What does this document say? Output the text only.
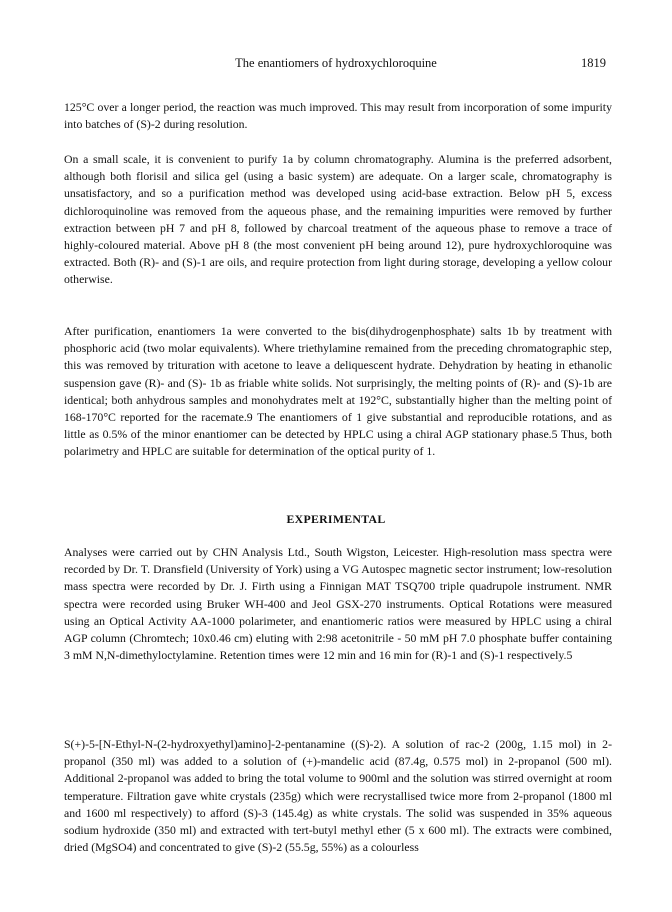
The enantiomers of hydroxychloroquine	1819

125°C over a longer period, the reaction was much improved. This may result from incorporation of some impurity into batches of (S)-2 during resolution.

On a small scale, it is convenient to purify 1a by column chromatography. Alumina is the preferred adsorbent, although both florisil and silica gel (using a basic system) are adequate. On a larger scale, chromatography is unsatisfactory, and so a purification method was developed using acid-base extraction. Below pH 5, excess dichloroquinoline was removed from the aqueous phase, and the remaining impurities were removed by further extraction between pH 7 and pH 8, followed by charcoal treatment of the aqueous phase to remove a trace of highly-coloured material. Above pH 8 (the most convenient pH being around 12), pure hydroxychloroquine was extracted. Both (R)- and (S)-1 are oils, and require protection from light during storage, developing a yellow colour otherwise.

After purification, enantiomers 1a were converted to the bis(dihydrogenphosphate) salts 1b by treatment with phosphoric acid (two molar equivalents). Where triethylamine remained from the preceding chromatographic step, this was removed by trituration with acetone to leave a deliquescent hydrate. Dehydration by heating in ethanolic suspension gave (R)- and (S)- 1b as friable white solids. Not surprisingly, the melting points of (R)- and (S)-1b are identical; both anhydrous samples and monohydrates melt at 192°C, substantially higher than the melting point of 168-170°C reported for the racemate.9 The enantiomers of 1 give substantial and reproducible rotations, and as little as 0.5% of the minor enantiomer can be detected by HPLC using a chiral AGP stationary phase.5 Thus, both polarimetry and HPLC are suitable for determination of the optical purity of 1.

EXPERIMENTAL

Analyses were carried out by CHN Analysis Ltd., South Wigston, Leicester. High-resolution mass spectra were recorded by Dr. T. Dransfield (University of York) using a VG Autospec magnetic sector instrument; low-resolution mass spectra were recorded by Dr. J. Firth using a Finnigan MAT TSQ700 triple quadrupole instrument. NMR spectra were recorded using Bruker WH-400 and Jeol GSX-270 instruments. Optical Rotations were measured using an Optical Activity AA-1000 polarimeter, and enantiomeric ratios were measured by HPLC using a chiral AGP column (Chromtech; 10x0.46 cm) eluting with 2:98 acetonitrile - 50 mM pH 7.0 phosphate buffer containing 3 mM N,N-dimethyloctylamine. Retention times were 12 min and 16 min for (R)-1 and (S)-1 respectively.5

S(+)-5-[N-Ethyl-N-(2-hydroxyethyl)amino]-2-pentanamine ((S)-2). A solution of rac-2 (200g, 1.15 mol) in 2-propanol (350 ml) was added to a solution of (+)-mandelic acid (87.4g, 0.575 mol) in 2-propanol (500 ml). Additional 2-propanol was added to bring the total volume to 900ml and the solution was stirred overnight at room temperature. Filtration gave white crystals (235g) which were recrystallised twice more from 2-propanol (1800 ml and 1600 ml respectively) to afford (S)-3 (145.4g) as white crystals. The solid was suspended in 35% aqueous sodium hydroxide (350 ml) and extracted with tert-butyl methyl ether (5 x 600 ml). The extracts were combined, dried (MgSO4) and concentrated to give (S)-2 (55.5g, 55%) as a colourless
